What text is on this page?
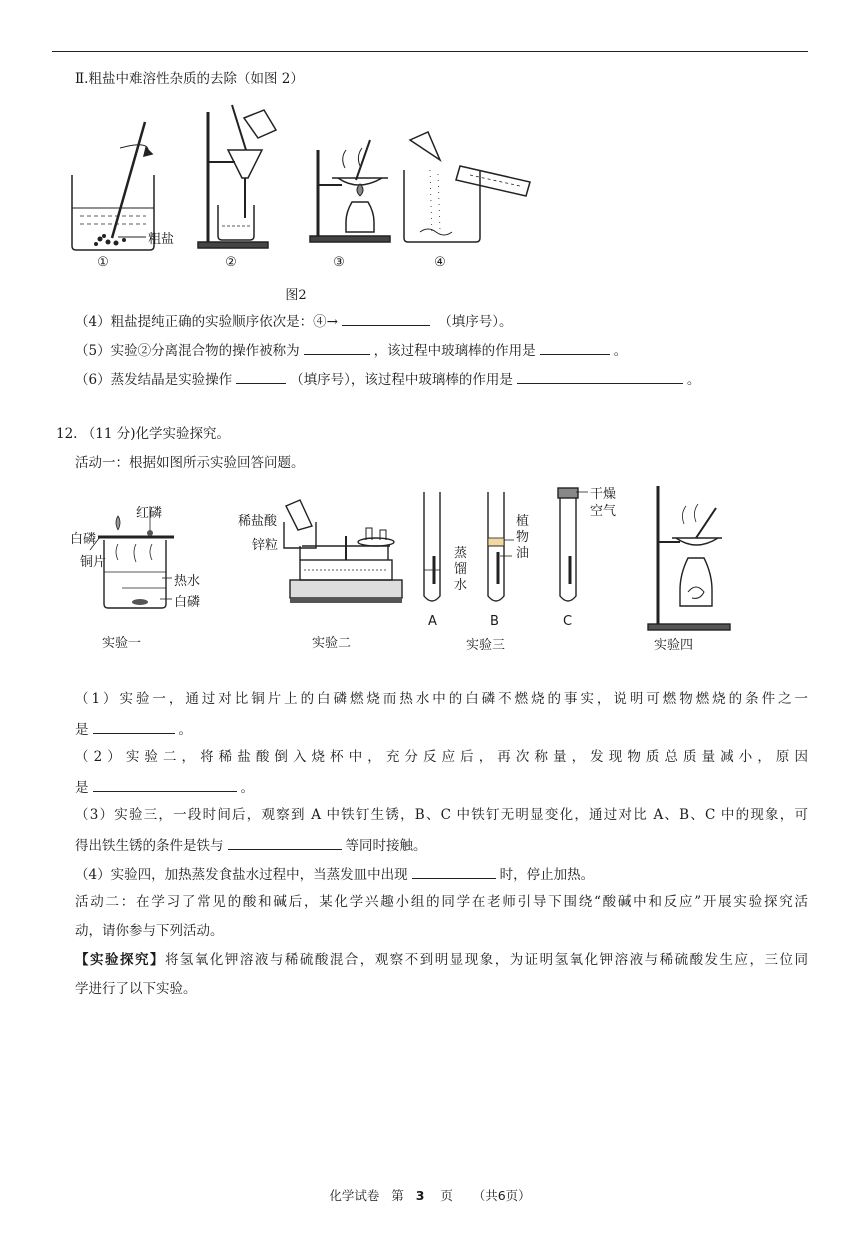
Ⅱ.粗盐中难溶性杂质的去除（如图 2）
①	②	③	④
粗盐
图2
（4）粗盐提纯正确的实验顺序依次是：④→	（填序号）。
（5）实验②分离混合物的操作被称为	，该过程中玻璃棒的作用是	。
（6）蒸发结晶是实验操作	（填序号），该过程中玻璃棒的作用是	。
12. （11 分)化学实验探究。
活动一：根据如图所示实验回答问题。
红磷
白磷
铜片
热水
白磷
实验一
稀盐酸
锌粒
实验二
蒸馏水
植物油
干燥空气
A	B	C
实验三	实验四
（1）实验一，通过对比铜片上的白磷燃烧而热水中的白磷不燃烧的事实，说明可燃物燃烧的条件之一
是	。
（2）实验二，将稀盐酸倒入烧杯中，充分反应后，再次称量，发现物质总质量减小，原因
是	。
（3）实验三，一段时间后，观察到 A 中铁钉生锈，B、C 中铁钉无明显变化，通过对比 A、B、C 中的现象，可
得出铁生锈的条件是铁与	等同时接触。
（4）实验四，加热蒸发食盐水过程中，当蒸发皿中出现	时，停止加热。
活动二：在学习了常见的酸和碱后，某化学兴趣小组的同学在老师引导下围绕“酸碱中和反应”开展实验探究活
动，请你参与下列活动。
【实验探究】将氢氧化钾溶液与稀硫酸混合，观察不到明显现象，为证明氢氧化钾溶液与稀硫酸发生应，三位同
学进行了以下实验。
化学试卷 第 3 页 （共6页）
